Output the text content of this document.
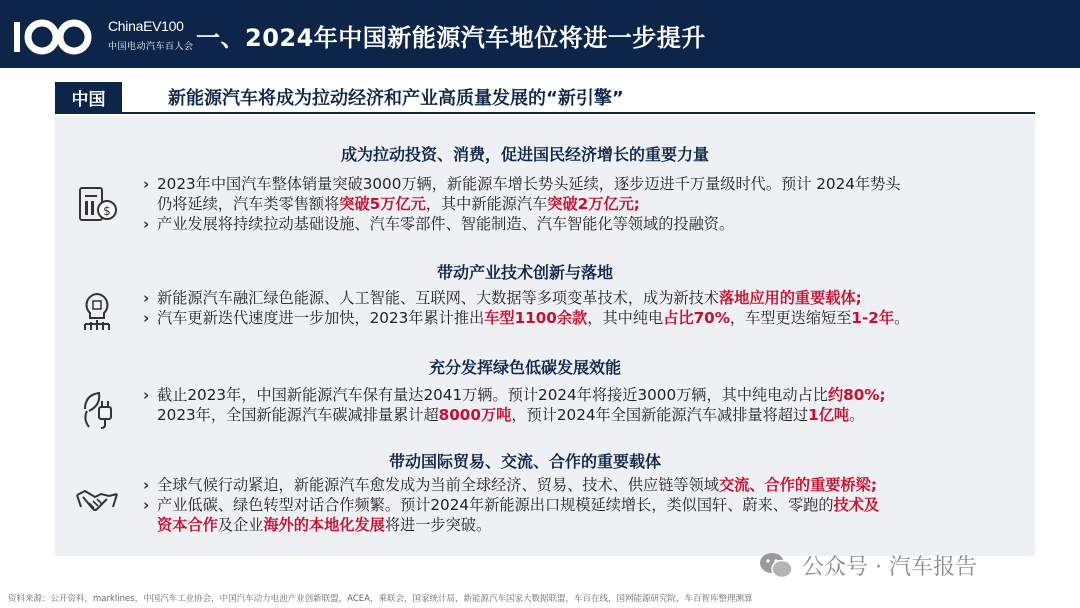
ChinaEV100
中国电动汽车百人会 一、2024年中国新能源汽车地位将进一步提升
中国	新能源汽车将成为拉动经济和产业高质量发展的“新引擎”
成为拉动投资、消费，促进国民经济增长的重要力量
$
› 2023年中国汽车整体销量突破3000万辆，新能源车增长势头延续，逐步迈进千万量级时代。预计 2024年势头
仍将延续，汽车类零售额将突破5万亿元，其中新能源汽车突破2万亿元;
› 产业发展将持续拉动基础设施、汽车零部件、智能制造、汽车智能化等领域的投融资。
带动产业技术创新与落地
› 新能源汽车融汇绿色能源、人工智能、互联网、大数据等多项变革技术，成为新技术落地应用的重要载体;
› 汽车更新迭代速度进一步加快，2023年累计推出车型1100余款，其中纯电占比70%，车型更迭缩短至1-2年。
充分发挥绿色低碳发展效能
› 截止2023年，中国新能源汽车保有量达2041万辆。预计2024年将接近3000万辆，其中纯电动占比约80%;
2023年，全国新能源汽车碳减排量累计超8000万吨，预计2024年全国新能源汽车减排量将超过1亿吨。
带动国际贸易、交流、合作的重要载体
› 全球气候行动紧迫，新能源汽车愈发成为当前全球经济、贸易、技术、供应链等领域交流、合作的重要桥梁;
› 产业低碳、绿色转型对话合作频繁。预计2024年新能源出口规模延续增长，类似国轩、蔚来、零跑的技术及
资本合作及企业海外的本地化发展将进一步突破。
公众号 · 汽车报告
资料来源：公开资料，marklines，中国汽车工业协会，中国汽车动力电池产业创新联盟，ACEA，乘联会，国家统计局，新能源汽车国家大数据联盟，车百在线，国网能源研究院，车百智库整理测算
